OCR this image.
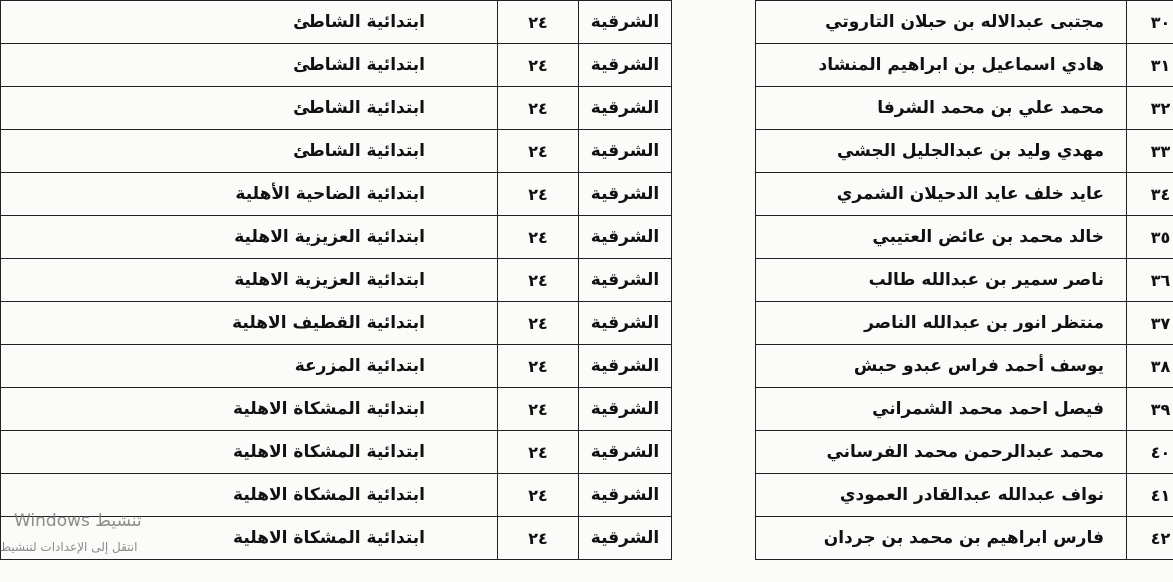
٣٠	مجتبى عبدالاله بن حبلان التاروتي
٣١	هادي اسماعيل بن ابراهيم المنشاد
٣٢	محمد علي بن محمد الشرفا
٣٣	مهدي وليد بن عبدالجليل الجشي
٣٤	عايد خلف عايد الدحيلان الشمري
٣٥	خالد محمد بن عائض العتيبي
٣٦	ناصر سمير بن عبدالله طالب
٣٧	منتظر انور بن عبدالله الناصر
٣٨	يوسف أحمد فراس عبدو حبش
٣٩	فيصل احمد محمد الشمراني
٤٠	محمد عبدالرحمن محمد الفرساني
٤١	نواف عبدالله عبدالقادر العمودي
٤٢	فارس ابراهيم بن محمد بن جردان
الشرقية	٢٤	ابتدائية الشاطئ
الشرقية	٢٤	ابتدائية الشاطئ
الشرقية	٢٤	ابتدائية الشاطئ
الشرقية	٢٤	ابتدائية الشاطئ
الشرقية	٢٤	ابتدائية الضاحية الأهلية
الشرقية	٢٤	ابتدائية العزيزية الاهلية
الشرقية	٢٤	ابتدائية العزيزية الاهلية
الشرقية	٢٤	ابتدائية القطيف الاهلية
الشرقية	٢٤	ابتدائية المزرعة
الشرقية	٢٤	ابتدائية المشكاة الاهلية
الشرقية	٢٤	ابتدائية المشكاة الاهلية
الشرقية	٢٤	ابتدائية المشكاة الاهلية
الشرقية	٢٤	ابتدائية المشكاة الاهلية
Windows تنشيط
انتقل إلى الإعدادات لتنشيط
